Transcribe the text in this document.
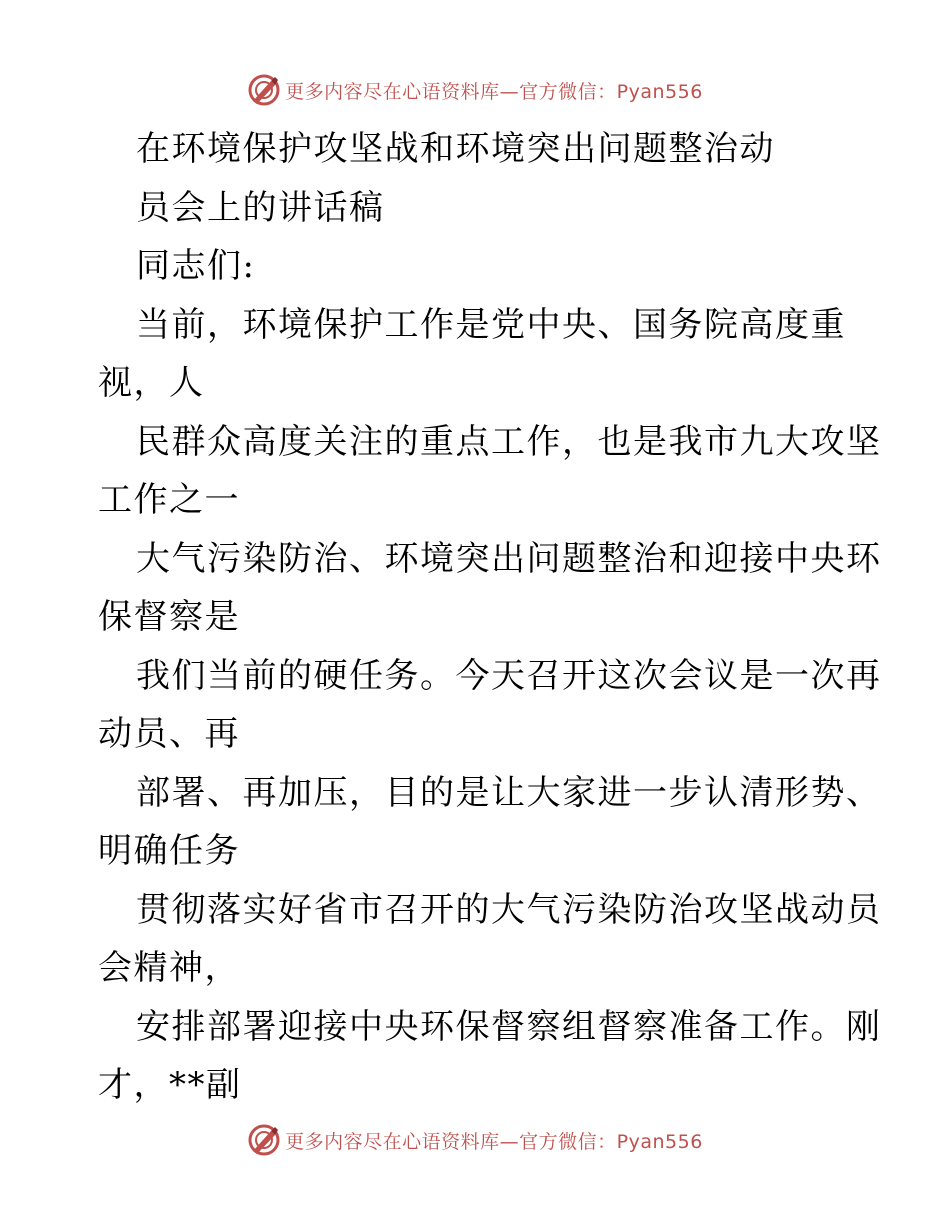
更多内容尽在心语资料库—官方微信：Pyan556
在环境保护攻坚战和环境突出问题整治动
员会上的讲话稿
同志们:
当前，环境保护工作是党中央、国务院高度重
视，人
民群众高度关注的重点工作，也是我市九大攻坚
工作之一
大气污染防治、环境突出问题整治和迎接中央环
保督察是
我们当前的硬任务。今天召开这次会议是一次再
动员、再
部署、再加压，目的是让大家进一步认清形势、
明确任务
贯彻落实好省市召开的大气污染防治攻坚战动员
会精神，
安排部署迎接中央环保督察组督察准备工作。刚
才，**副
更多内容尽在心语资料库—官方微信：Pyan556
